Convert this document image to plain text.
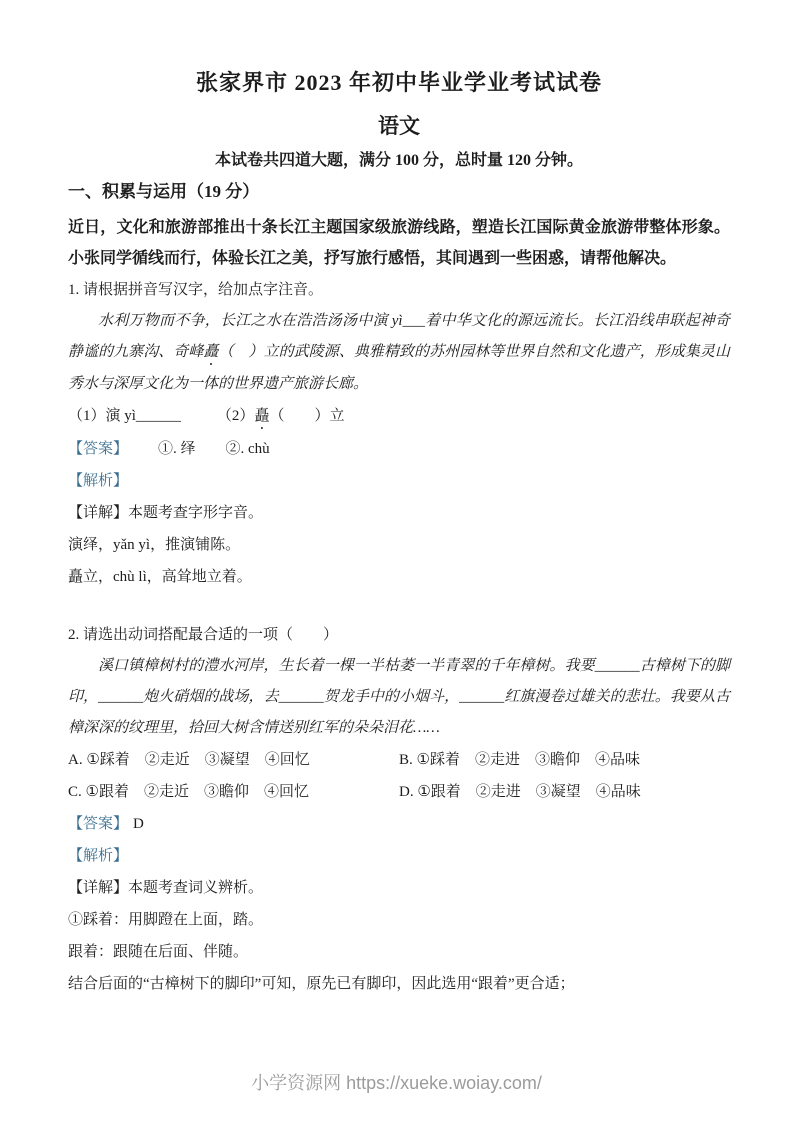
张家界市 2023 年初中毕业学业考试试卷
语文

本试卷共四道大题，满分 100 分，总时量 120 分钟。

一、积累与运用（19 分）

近日，文化和旅游部推出十条长江主题国家级旅游线路，塑造长江国际黄金旅游带整体形象。
小张同学循线而行，体验长江之美，抒写旅行感悟，其间遇到一些困惑，请帮他解决。

1. 请根据拼音写汉字，给加点字注音。

水利万物而不争，长江之水在浩浩汤汤中演 yì___着中华文化的源远流长。长江沿线串联起神奇静谧的九寨沟、奇峰矗（　）立的武陵源、典雅精致的苏州园林等世界自然和文化遗产，形成集灵山秀水与深厚文化为一体的世界遗产旅游长廊。

（1）演 yì______ （2）矗（　　）立

【答案】 ①. 绎　　②. chù

【解析】

【详解】本题考查字形字音。

演绎，yǎn yì，推演铺陈。

矗立，chù lì，高耸地立着。

2. 请选出动词搭配最合适的一项（　　）

溪口镇樟树村的澧水河岸，生长着一棵一半枯萎一半青翠的千年樟树。我要______古樟树下的脚印，______炮火硝烟的战场，去______贺龙手中的小烟斗，______红旗漫卷过雄关的悲壮。我要从古樟深深的纹理里，拾回大树含情送别红军的朵朵泪花……

A. ①踩着　②走近　③凝望　④回忆	B. ①踩着　②走进　③瞻仰　④品味

C. ①跟着　②走近　③瞻仰　④回忆	D. ①跟着　②走进　③凝望　④品味

【答案】 D

【解析】

【详解】本题考查词义辨析。

①踩着：用脚蹬在上面，踏。

跟着：跟随在后面、伴随。

结合后面的“古樟树下的脚印”可知，原先已有脚印，因此选用“跟着”更合适；

小学资源网 https://xueke.woiay.com/
